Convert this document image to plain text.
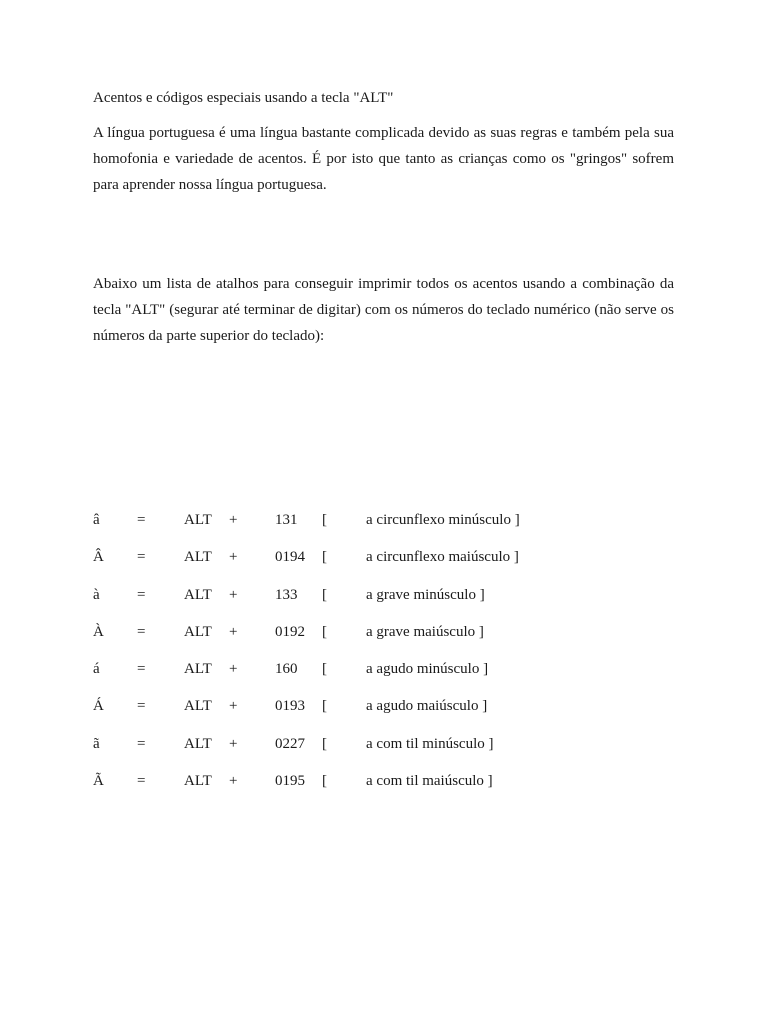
Acentos e códigos especiais usando a tecla "ALT"

A língua portuguesa é uma língua bastante complicada devido as suas regras e também pela sua homofonia e variedade de acentos. É por isto que tanto as crianças como os "gringos" sofrem para aprender nossa língua portuguesa.

Abaixo um lista de atalhos para conseguir imprimir todos os acentos usando a combinação da tecla "ALT" (segurar até terminar de digitar) com os números do teclado numérico (não serve os números da parte superior do teclado):

â =	ALT +	131 [	a circunflexo minúsculo ]
Â =	ALT +	0194 [	a circunflexo maiúsculo ]
à =	ALT +	133 [	a grave minúsculo ]
À =	ALT +	0192 [	a grave maiúsculo ]
á =	ALT +	160 [	a agudo minúsculo ]
Á =	ALT +	0193 [	a agudo maiúsculo ]
ã =	ALT +	0227 [	a com til minúsculo ]
Ã =	ALT +	0195 [	a com til maiúsculo ]
